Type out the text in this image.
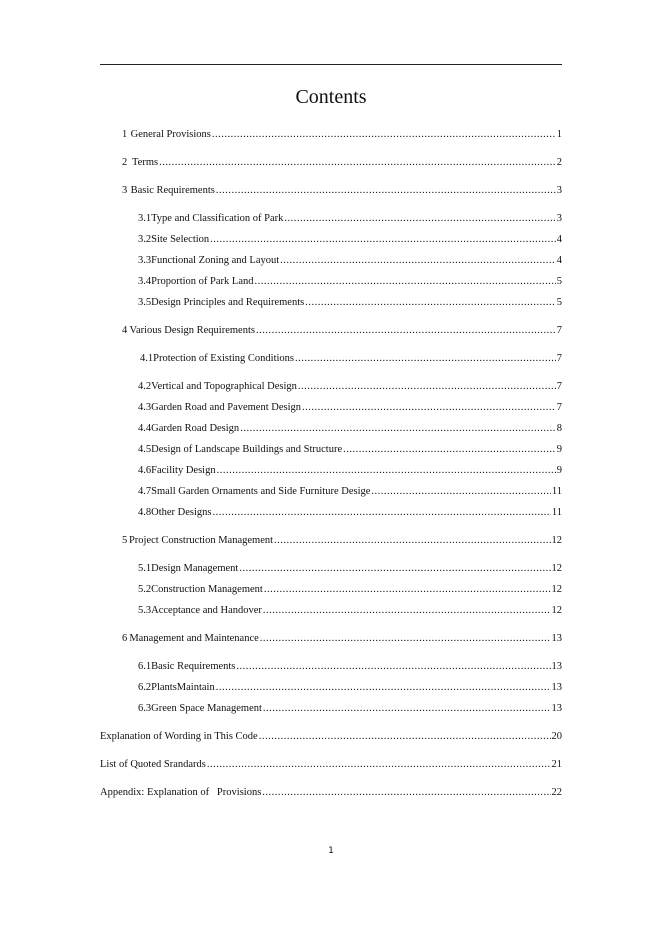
Contents
1 General Provisions .....	1
2 Terms .....	2
3 Basic Requirements .....	3
3.1 Type and Classification of Park .....	3
3.2 Site Selection .....	4
3.3 Functional Zoning and Layout .....	4
3.4 Proportion of Park Land .....	5
3.5 Design Principles and Requirements .....	5
4 Various Design Requirements .....	7
4.1 Protection of Existing Conditions .....	7
4.2 Vertical and Topographical Design .....	7
4.3 Garden Road and Pavement Design .....	7
4.4 Garden Road Design .....	8
4.5 Design of Landscape Buildings and Structure .....	9
4.6 Facility Design .....	9
4.7 Small Garden Ornaments and Side Furniture Desige .....	11
4.8 Other Designs .....	11
5 Project Construction Management .....	12
5.1 Design Management .....	12
5.2 Construction Management .....	12
5.3 Acceptance and Handover .....	12
6 Management and Maintenance .....	13
6.1 Basic Requirements .....	13
6.2 PlantsMaintain .....	13
6.3 Green Space Management .....	13
Explanation of Wording in This Code .....	20
List of Quoted Srandards .....	21
Appendix: Explanation of   Provisions .....	22
1
